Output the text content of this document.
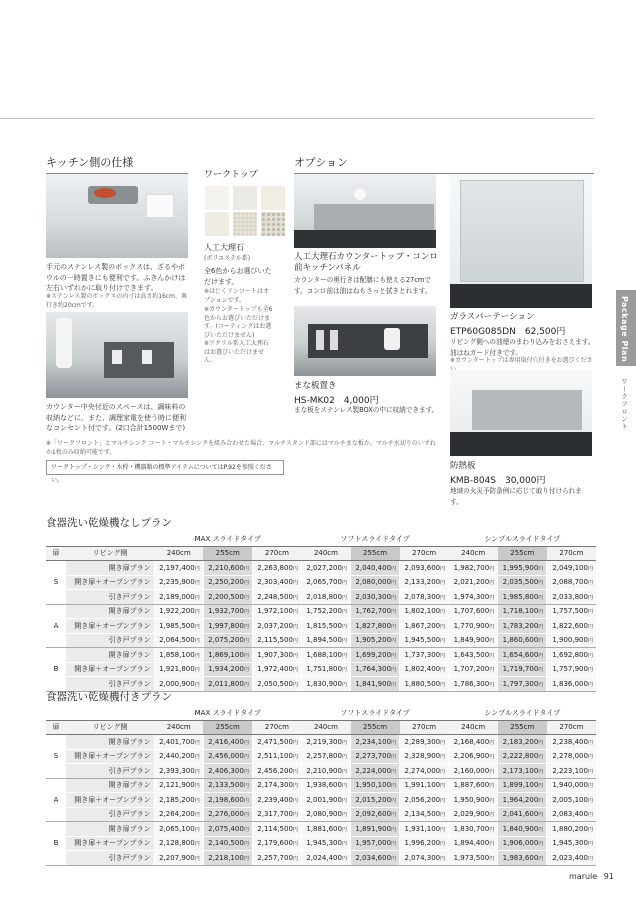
キッチン側の仕様
手元のステンレス製のボックスは、ざるやボウルの一時置きにも便利です。ふきんかけは左右いずれかに取り付けできます。
※ステンレス製のボックスの内寸は高さ約16cm、奥行き約20cmです。
カウンター中央付近のスペースは、調味料の収納などに。また、調理家電を使う時に便利なコンセント付です。(2口合計1500Wまで)
ワークトップ
人工大理石
(ポリエステル系)
全6色からお選びいただけます。
※はじくリンコートはオプションです。
※カウンタートップも全6色からお選びいただけます。(コーティングはお選びいただけません)
※アクリル系人工大理石はお選びいただけません。
オプション
人工大理石カウンタートップ・コンロ前キッチンパネル
カウンターの奥行きは配膳にも使える27cmです。コンロ前は油はねもさっと拭きとれます。
まな板置き
HS-MK02　4,000円
まな板をステンレス製BOXの中に収納できます。
ガラスパーテーション
ETP60G085DN　62,500円
リビング側への油煙のまわり込みをおさえます。油はねガード付きです。
※カウンタートップは専用取付穴付きをお選びくださ
防熱板
KMB-804S　30,000円
地域の火災予防条例に応じて取り付けられます。
※「ワークフロント」とマルチシンク コート・マルチシンクを組み合わせた場合、マルチスタンド部にはマルチまな板か、マルチ水切りのいずれか1枚のみ収納可能です。
ワークトップ・シンク・水栓・機器類の標準アイテムについてはP.92を参照ください。
Package Plan
ワークフロント
食器洗い乾燥機なしプラン
		MAX スライドタイプ			ソフトスライドタイプ			シンプルスライドタイプ		
扉	リビング側	240cm	255cm	270cm	240cm	255cm	270cm	240cm	255cm	270cm
S	開き扉プラン	2,197,400円	2,210,600円	2,263,800円	2,027,200円	2,040,400円	2,093,600円	1,982,700円	1,995,900円	2,049,100円
	開き扉＋オープンプラン	2,235,900円	2,250,200円	2,303,400円	2,065,700円	2,080,000円	2,133,200円	2,021,200円	2,035,500円	2,088,700円
	引き戸プラン	2,189,000円	2,200,500円	2,248,500円	2,018,800円	2,030,300円	2,078,300円	1,974,300円	1,985,800円	2,033,800円
A	開き扉プラン	1,922,200円	1,932,700円	1,972,100円	1,752,200円	1,762,700円	1,802,100円	1,707,600円	1,718,100円	1,757,500円
	開き扉＋オープンプラン	1,985,500円	1,997,800円	2,037,200円	1,815,500円	1,827,800円	1,867,200円	1,770,900円	1,783,200円	1,822,600円
	引き戸プラン	2,064,500円	2,075,200円	2,115,500円	1,894,500円	1,905,200円	1,945,500円	1,849,900円	1,860,600円	1,900,900円
B	開き扉プラン	1,858,100円	1,869,100円	1,907,300円	1,688,100円	1,699,200円	1,737,300円	1,643,500円	1,654,600円	1,692,800円
	開き扉＋オープンプラン	1,921,800円	1,934,200円	1,972,400円	1,751,800円	1,764,300円	1,802,400円	1,707,200円	1,719,700円	1,757,900円
	引き戸プラン	2,000,900円	2,011,800円	2,050,500円	1,830,900円	1,841,900円	1,880,500円	1,786,300円	1,797,300円	1,836,000円
食器洗い乾燥機付きプラン
		MAX スライドタイプ			ソフトスライドタイプ			シンプルスライドタイプ		
扉	リビング側	240cm	255cm	270cm	240cm	255cm	270cm	240cm	255cm	270cm
S	開き扉プラン	2,401,700円	2,416,400円	2,471,500円	2,219,300円	2,234,100円	2,289,300円	2,168,400円	2,183,200円	2,238,400円
	開き扉＋オープンプラン	2,440,200円	2,456,000円	2,511,100円	2,257,800円	2,273,700円	2,328,900円	2,206,900円	2,222,800円	2,278,000円
	引き戸プラン	2,393,300円	2,406,300円	2,456,200円	2,210,900円	2,224,000円	2,274,000円	2,160,000円	2,173,100円	2,223,100円
A	開き扉プラン	2,121,900円	2,133,500円	2,174,300円	1,938,600円	1,950,100円	1,991,100円	1,887,600円	1,899,100円	1,940,000円
	開き扉＋オープンプラン	2,185,200円	2,198,600円	2,239,400円	2,001,900円	2,015,200円	2,056,200円	1,950,900円	1,964,200円	2,005,100円
	引き戸プラン	2,264,200円	2,276,000円	2,317,700円	2,080,900円	2,092,600円	2,134,500円	2,029,900円	2,041,600円	2,083,400円
B	開き扉プラン	2,065,100円	2,075,400円	2,114,500円	1,881,600円	1,891,900円	1,931,100円	1,830,700円	1,840,900円	1,880,200円
	開き扉＋オープンプラン	2,128,800円	2,140,500円	2,179,600円	1,945,300円	1,957,000円	1,996,200円	1,894,400円	1,906,000円	1,945,300円
	引き戸プラン	2,207,900円	2,218,100円	2,257,700円	2,024,400円	2,034,600円	2,074,300円	1,973,500円	1,983,600円	2,023,400円
marule 91
